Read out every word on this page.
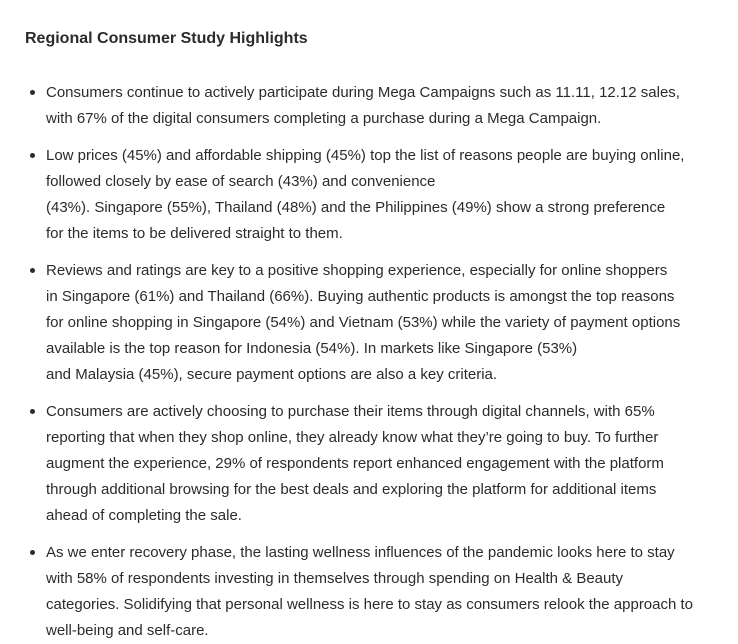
Regional Consumer Study Highlights
Consumers continue to actively participate during Mega Campaigns such as 11.11, 12.12 sales,
with 67% of the digital consumers completing a purchase during a Mega Campaign.
Low prices (45%) and affordable shipping (45%) top the list of reasons people are buying online,
followed closely by ease of search (43%) and convenience
(43%). Singapore (55%), Thailand (48%) and the Philippines (49%) show a strong preference
for the items to be delivered straight to them.
Reviews and ratings are key to a positive shopping experience, especially for online shoppers
in Singapore (61%) and Thailand (66%). Buying authentic products is amongst the top reasons
for online shopping in Singapore (54%) and Vietnam (53%) while the variety of payment options
available is the top reason for Indonesia (54%). In markets like Singapore (53%)
and Malaysia (45%), secure payment options are also a key criteria.
Consumers are actively choosing to purchase their items through digital channels, with 65%
reporting that when they shop online, they already know what they’re going to buy. To further
augment the experience, 29% of respondents report enhanced engagement with the platform
through additional browsing for the best deals and exploring the platform for additional items
ahead of completing the sale.
As we enter recovery phase, the lasting wellness influences of the pandemic looks here to stay
with 58% of respondents investing in themselves through spending on Health & Beauty
categories. Solidifying that personal wellness is here to stay as consumers relook the approach to
well-being and self-care.
